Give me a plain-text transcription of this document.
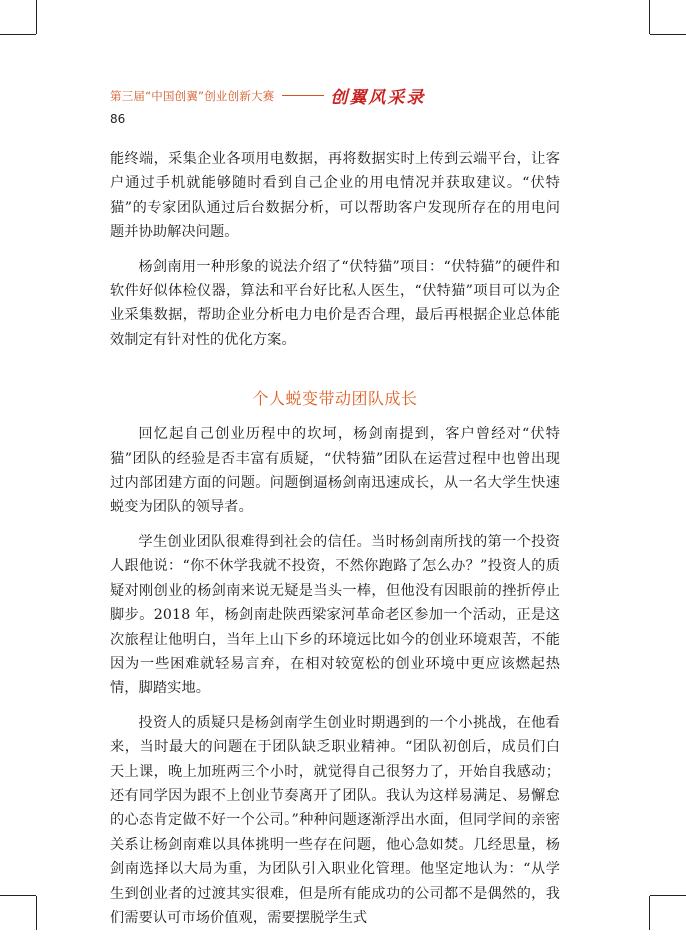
第三届“中国创翼”创业创新大赛	创翼风采录
86

能终端，采集企业各项用电数据，再将数据实时上传到云端平台，让客户通过手机就能够随时看到自己企业的用电情况并获取建议。“伏特猫”的专家团队通过后台数据分析，可以帮助客户发现所存在的用电问题并协助解决问题。

杨剑南用一种形象的说法介绍了“伏特猫”项目：“伏特猫”的硬件和软件好似体检仪器，算法和平台好比私人医生，“伏特猫”项目可以为企业采集数据，帮助企业分析电力电价是否合理，最后再根据企业总体能效制定有针对性的优化方案。

个人蜕变带动团队成长

回忆起自己创业历程中的坎坷，杨剑南提到，客户曾经对“伏特猫”团队的经验是否丰富有质疑，“伏特猫”团队在运营过程中也曾出现过内部团建方面的问题。问题倒逼杨剑南迅速成长，从一名大学生快速蜕变为团队的领导者。

学生创业团队很难得到社会的信任。当时杨剑南所找的第一个投资人跟他说：“你不休学我就不投资，不然你跑路了怎么办？”投资人的质疑对刚创业的杨剑南来说无疑是当头一棒，但他没有因眼前的挫折停止脚步。2018 年，杨剑南赴陕西梁家河革命老区参加一个活动，正是这次旅程让他明白，当年上山下乡的环境远比如今的创业环境艰苦，不能因为一些困难就轻易言弃，在相对较宽松的创业环境中更应该燃起热情，脚踏实地。

投资人的质疑只是杨剑南学生创业时期遇到的一个小挑战，在他看来，当时最大的问题在于团队缺乏职业精神。“团队初创后，成员们白天上课，晚上加班两三个小时，就觉得自己很努力了，开始自我感动；还有同学因为跟不上创业节奏离开了团队。我认为这样易满足、易懈怠的心态肯定做不好一个公司。”种种问题逐渐浮出水面，但同学间的亲密关系让杨剑南难以具体挑明一些存在问题，他心急如焚。几经思量，杨剑南选择以大局为重，为团队引入职业化管理。他坚定地认为：“从学生到创业者的过渡其实很难，但是所有能成功的公司都不是偶然的，我们需要认可市场价值观，需要摆脱学生式
